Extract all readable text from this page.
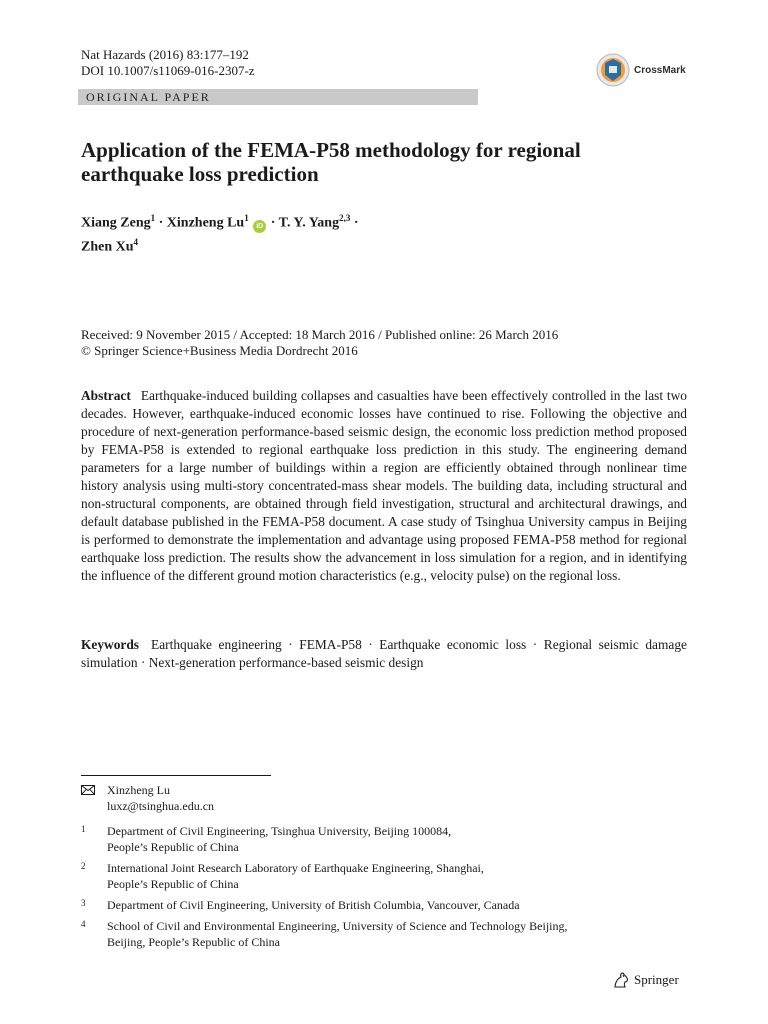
Nat Hazards (2016) 83:177–192
DOI 10.1007/s11069-016-2307-z	CrossMark
ORIGINAL PAPER
Application of the FEMA-P58 methodology for regional
earthquake loss prediction
Xiang Zeng$^1$ · Xinzheng Lu$^1$ iD · T. Y. Yang$^{2,3}$ ·
Zhen Xu$^4$
Received: 9 November 2015 / Accepted: 18 March 2016 / Published online: 26 March 2016
© Springer Science+Business Media Dordrecht 2016
Abstract Earthquake-induced building collapses and casualties have been effectively controlled in the last two decades. However, earthquake-induced economic losses have continued to rise. Following the objective and procedure of next-generation performance-based seismic design, the economic loss prediction method proposed by FEMA-P58 is extended to regional earthquake loss prediction in this study. The engineering demand parameters for a large number of buildings within a region are efficiently obtained through nonlinear time history analysis using multi-story concentrated-mass shear models. The building data, including structural and non-structural components, are obtained through field investigation, structural and architectural drawings, and default database published in the FEMA-P58 document. A case study of Tsinghua University campus in Beijing is performed to demonstrate the implementation and advantage using proposed FEMA-P58 method for regional earthquake loss prediction. The results show the advancement in loss simulation for a region, and in identifying the influence of the different ground motion characteristics (e.g., velocity pulse) on the regional loss.
Keywords Earthquake engineering · FEMA-P58 · Earthquake economic loss · Regional seismic damage simulation · Next-generation performance-based seismic design
Xinzheng Lu
luxz@tsinghua.edu.cn
1 Department of Civil Engineering, Tsinghua University, Beijing 100084,
People’s Republic of China
2 International Joint Research Laboratory of Earthquake Engineering, Shanghai,
People’s Republic of China
3 Department of Civil Engineering, University of British Columbia, Vancouver, Canada
4 School of Civil and Environmental Engineering, University of Science and Technology Beijing,
Beijing, People’s Republic of China
Springer
